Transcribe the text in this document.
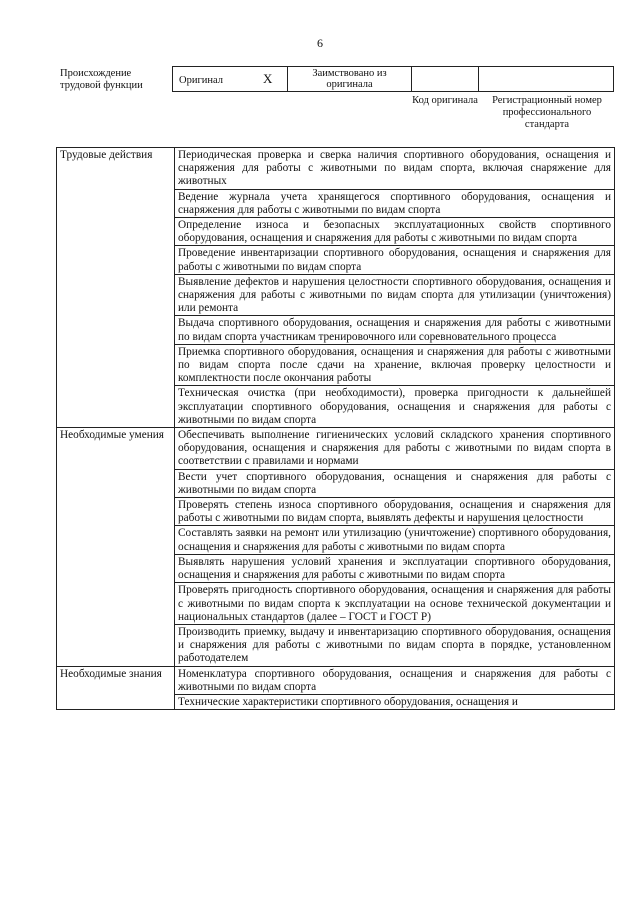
6
Происхождение трудовой функции	Оригинал	X	Заимствовано из оригинала		
Код оригинала	Регистрационный номер профессионального стандарта
Трудовые действия	Периодическая проверка и сверка наличия спортивного оборудования, оснащения и снаряжения для работы с животными по видам спорта, включая снаряжение для животных
	Ведение журнала учета хранящегося спортивного оборудования, оснащения и снаряжения для работы с животными по видам спорта
	Определение износа и безопасных эксплуатационных свойств спортивного оборудования, оснащения и снаряжения для работы с животными по видам спорта
	Проведение инвентаризации спортивного оборудования, оснащения и снаряжения для работы с животными по видам спорта
	Выявление дефектов и нарушения целостности спортивного оборудования, оснащения и снаряжения для работы с животными по видам спорта для утилизации (уничтожения) или ремонта
	Выдача спортивного оборудования, оснащения и снаряжения для работы с животными по видам спорта участникам тренировочного или соревновательного процесса
	Приемка спортивного оборудования, оснащения и снаряжения для работы с животными по видам спорта после сдачи на хранение, включая проверку целостности и комплектности после окончания работы
	Техническая очистка (при необходимости), проверка пригодности к дальнейшей эксплуатации спортивного оборудования, оснащения и снаряжения для работы с животными по видам спорта
Необходимые умения	Обеспечивать выполнение гигиенических условий складского хранения спортивного оборудования, оснащения и снаряжения для работы с животными по видам спорта в соответствии с правилами и нормами
	Вести учет спортивного оборудования, оснащения и снаряжения для работы с животными по видам спорта
	Проверять степень износа спортивного оборудования, оснащения и снаряжения для работы с животными по видам спорта, выявлять дефекты и нарушения целостности
	Составлять заявки на ремонт или утилизацию (уничтожение) спортивного оборудования, оснащения и снаряжения для работы с животными по видам спорта
	Выявлять нарушения условий хранения и эксплуатации спортивного оборудования, оснащения и снаряжения для работы с животными по видам спорта
	Проверять пригодность спортивного оборудования, оснащения и снаряжения для работы с животными по видам спорта к эксплуатации на основе технической документации и национальных стандартов (далее – ГОСТ и ГОСТ Р)
	Производить приемку, выдачу и инвентаризацию спортивного оборудования, оснащения и снаряжения для работы с животными по видам спорта в порядке, установленном работодателем
Необходимые знания	Номенклатура спортивного оборудования, оснащения и снаряжения для работы с животными по видам спорта
	Технические характеристики спортивного оборудования, оснащения и
